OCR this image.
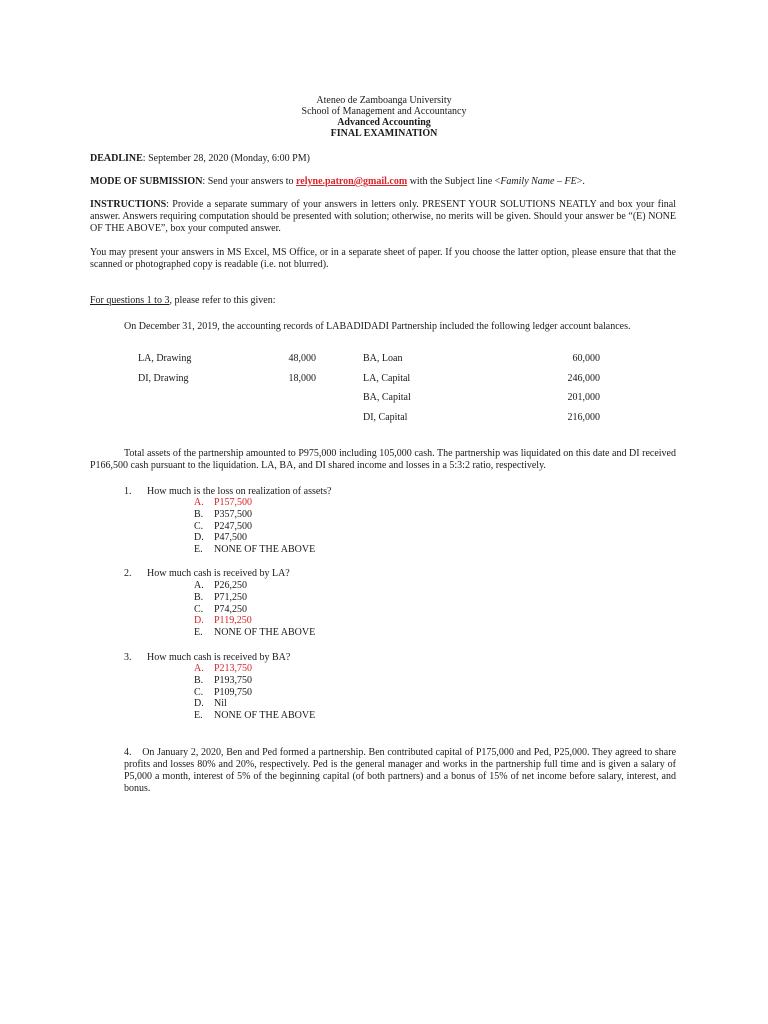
Ateneo de Zamboanga University
School of Management and Accountancy
Advanced Accounting
FINAL EXAMINATION
DEADLINE: September 28, 2020 (Monday, 6:00 PM)
MODE OF SUBMISSION: Send your answers to relyne.patron@gmail.com with the Subject line <Family Name – FE>.
INSTRUCTIONS: Provide a separate summary of your answers in letters only. PRESENT YOUR SOLUTIONS NEATLY and box your final answer. Answers requiring computation should be presented with solution; otherwise, no merits will be given. Should your answer be “(E) NONE OF THE ABOVE”, box your computed answer.
You may present your answers in MS Excel, MS Office, or in a separate sheet of paper. If you choose the latter option, please ensure that that the scanned or photographed copy is readable (i.e. not blurred).
For questions 1 to 3, please refer to this given:
On December 31, 2019, the accounting records of LABADIDADI Partnership included the following ledger account balances.
LA, Drawing	48,000
DI, Drawing	18,000
BA, Loan	60,000
LA, Capital	246,000
BA, Capital	201,000
DI, Capital	216,000
Total assets of the partnership amounted to P975,000 including 105,000 cash. The partnership was liquidated on this date and DI received P166,500 cash pursuant to the liquidation. LA, BA, and DI shared income and losses in a 5:3:2 ratio, respectively.
1. How much is the loss on realization of assets?
A. P157,500
B. P357,500
C. P247,500
D. P47,500
E. NONE OF THE ABOVE
2. How much cash is received by LA?
A. P26,250
B. P71,250
C. P74,250
D. P119,250
E. NONE OF THE ABOVE
3. How much cash is received by BA?
A. P213,750
B. P193,750
C. P109,750
D. Nil
E. NONE OF THE ABOVE
4. On January 2, 2020, Ben and Ped formed a partnership. Ben contributed capital of P175,000 and Ped, P25,000. They agreed to share profits and losses 80% and 20%, respectively. Ped is the general manager and works in the partnership full time and is given a salary of P5,000 a month, interest of 5% of the beginning capital (of both partners) and a bonus of 15% of net income before salary, interest, and bonus.
